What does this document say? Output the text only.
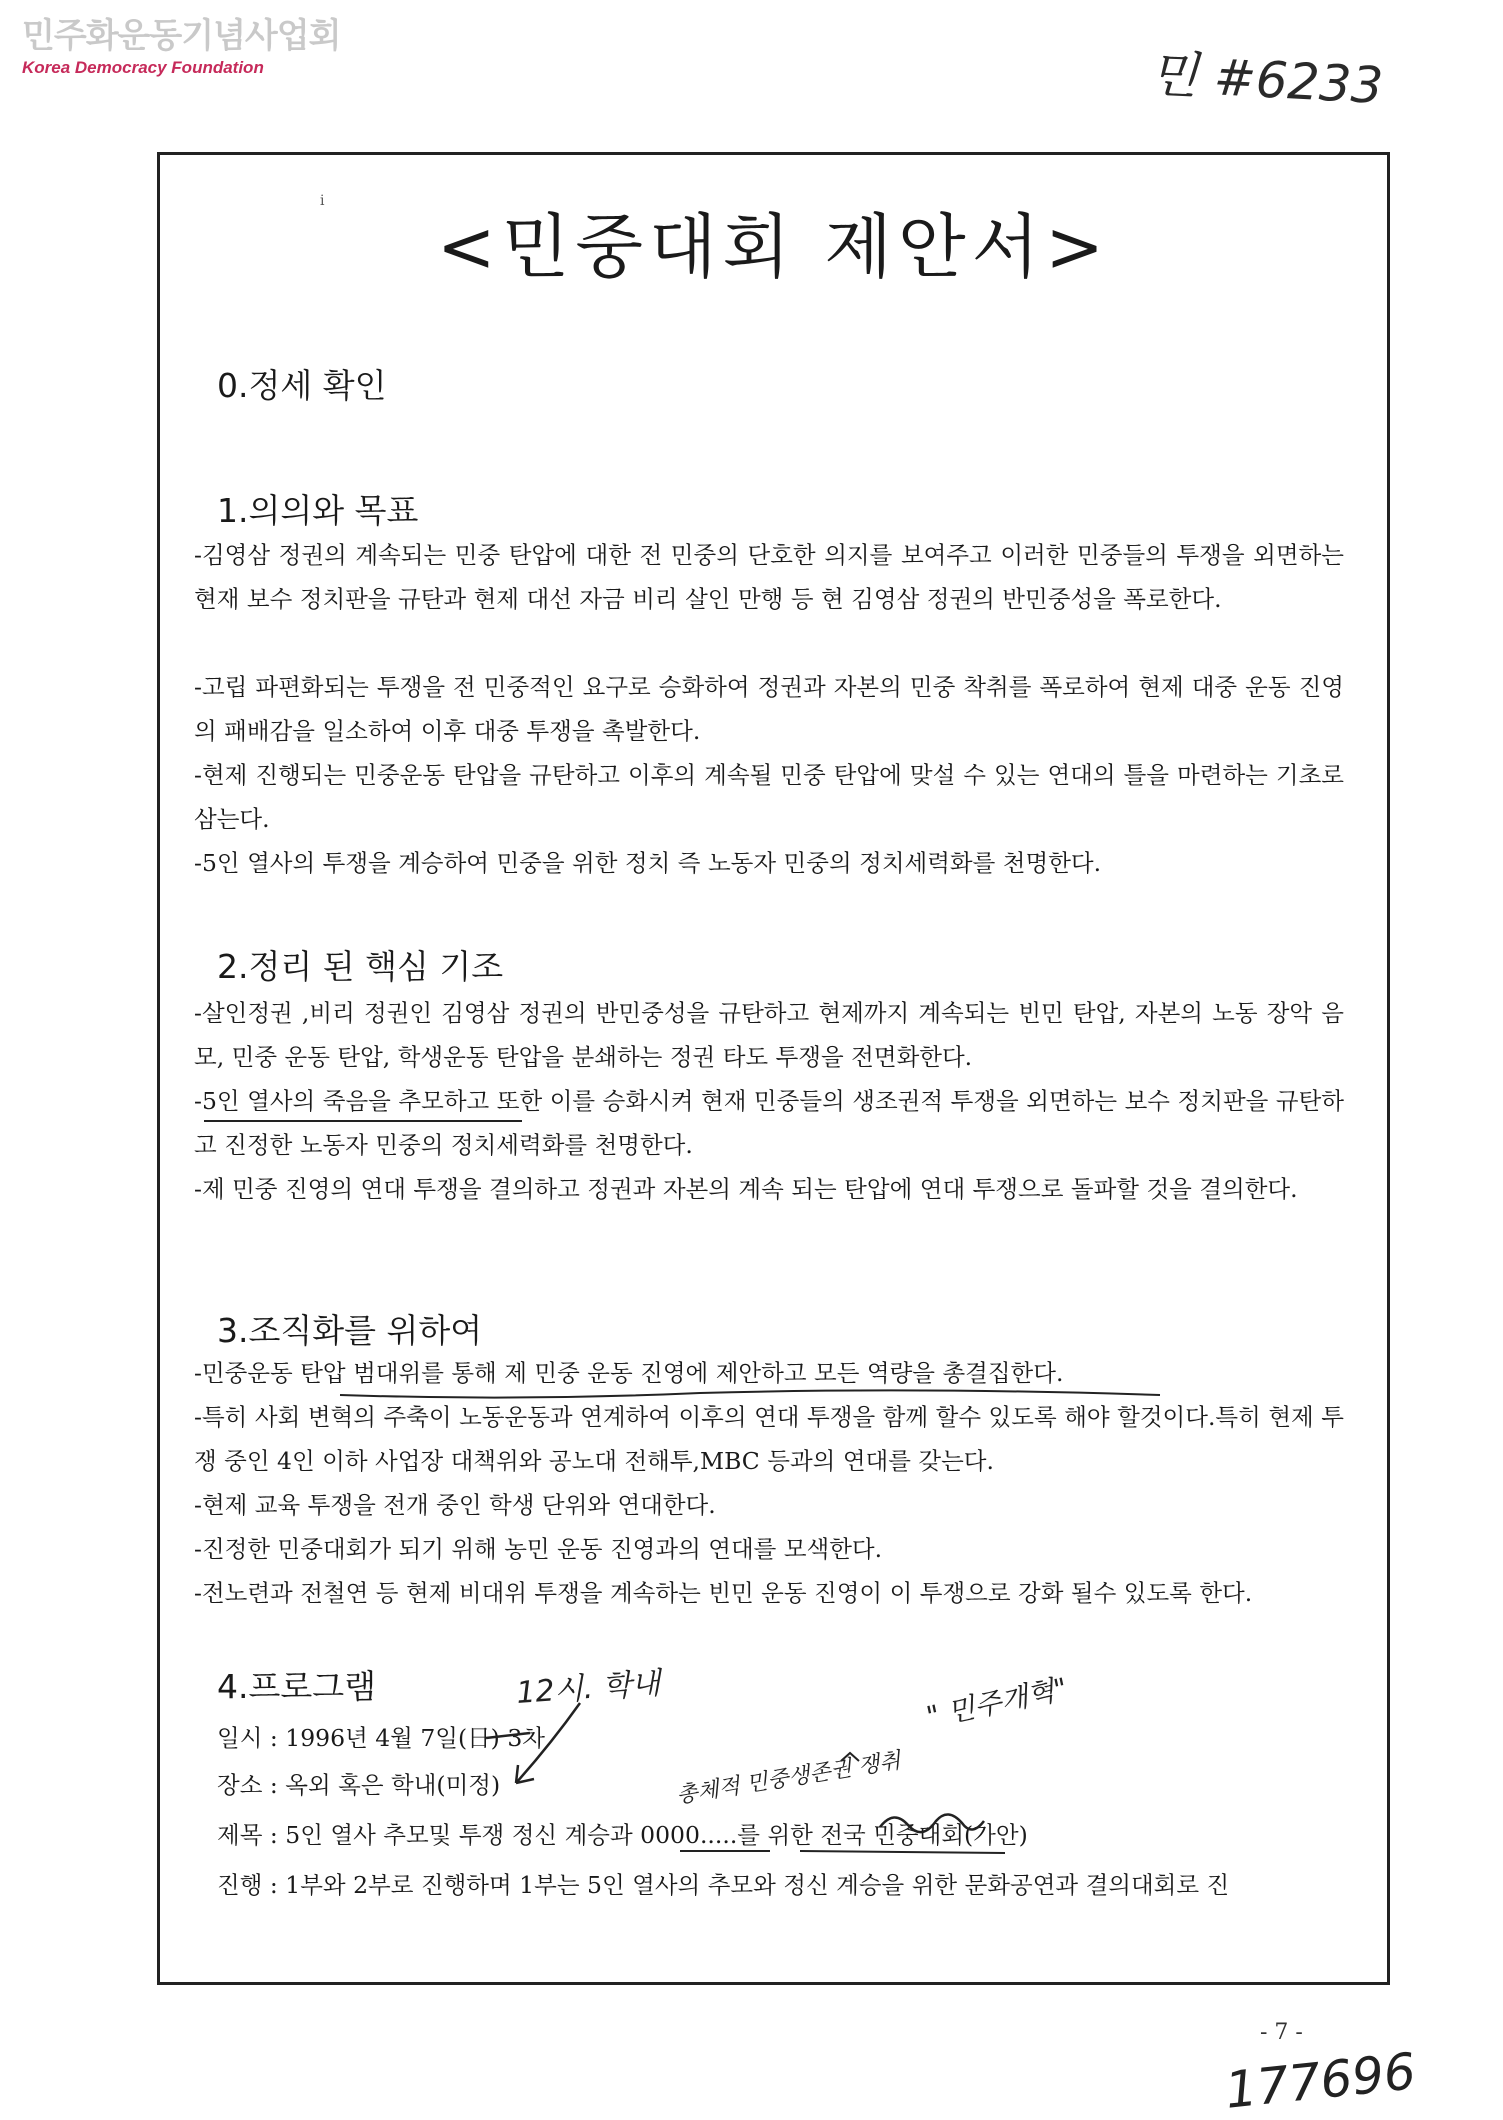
민주화운동기념사업회
Korea Democracy Foundation	민 #6233
i
<민중대회 제안서>
0.정세 확인
1.의의와 목표
-김영삼 정권의 계속되는 민중 탄압에 대한 전 민중의 단호한 의지를 보여주고 이러한 민중들의 투쟁을 외면하는 현재 보수 정치판을 규탄과 현제 대선 자금 비리 살인 만행 등 현 김영삼 정권의 반민중성을 폭로한다.
-고립 파편화되는 투쟁을 전 민중적인 요구로 승화하여 정권과 자본의 민중 착취를 폭로하여 현제 대중 운동 진영의 패배감을 일소하여 이후 대중 투쟁을 촉발한다.
-현제 진행되는 민중운동 탄압을 규탄하고 이후의 계속될 민중 탄압에 맞설 수 있는 연대의 틀을 마련하는 기초로 삼는다.
-5인 열사의 투쟁을 계승하여 민중을 위한 정치 즉 노동자 민중의 정치세력화를 천명한다.
2.정리 된 핵심 기조
-살인정권 ,비리 정권인 김영삼 정권의 반민중성을 규탄하고 현제까지 계속되는 빈민 탄압, 자본의 노동 장악 음모, 민중 운동 탄압, 학생운동 탄압을 분쇄하는 정권 타도 투쟁을 전면화한다.
-5인 열사의 죽음을 추모하고 또한 이를 승화시켜 현재 민중들의 생조권적 투쟁을 외면하는 보수 정치판을 규탄하고 진정한 노동자 민중의 정치세력화를 천명한다.
-제 민중 진영의 연대 투쟁을 결의하고 정권과 자본의 계속 되는 탄압에 연대 투쟁으로 돌파할 것을 결의한다.
3.조직화를 위하여
-민중운동 탄압 범대위를 통해 제 민중 운동 진영에 제안하고 모든 역량을 총결집한다.
-특히 사회 변혁의 주축이 노동운동과 연계하여 이후의 연대 투쟁을 함께 할수 있도록 해야 할것이다.특히 현제 투쟁 중인 4인 이하 사업장 대책위와 공노대 전해투,MBC 등과의 연대를 갖는다.
-현제 교육 투쟁을 전개 중인 학생 단위와 연대한다.
-진정한 민중대회가 되기 위해 농민 운동 진영과의 연대를 모색한다.
-전노련과 전철연 등 현제 비대위 투쟁을 계속하는 빈민 운동 진영이 이 투쟁으로 강화 될수 있도록 한다.
4.프로그램
일시 : 1996년 4월 7일(日) 3차
장소 : 옥외 혹은 학내(미정)
제목 : 5인 열사 추모및 투쟁 정신 계승과 0000.....를 위한 전국 민중대회(가안)
진행 : 1부와 2부로 진행하며 1부는 5인 열사의 추모와 정신 계승을 위한 문화공연과 결의대회로 진
12시. 학내
총체적 민중생존권 쟁취
" 민주개혁"
- 7 -
177696
